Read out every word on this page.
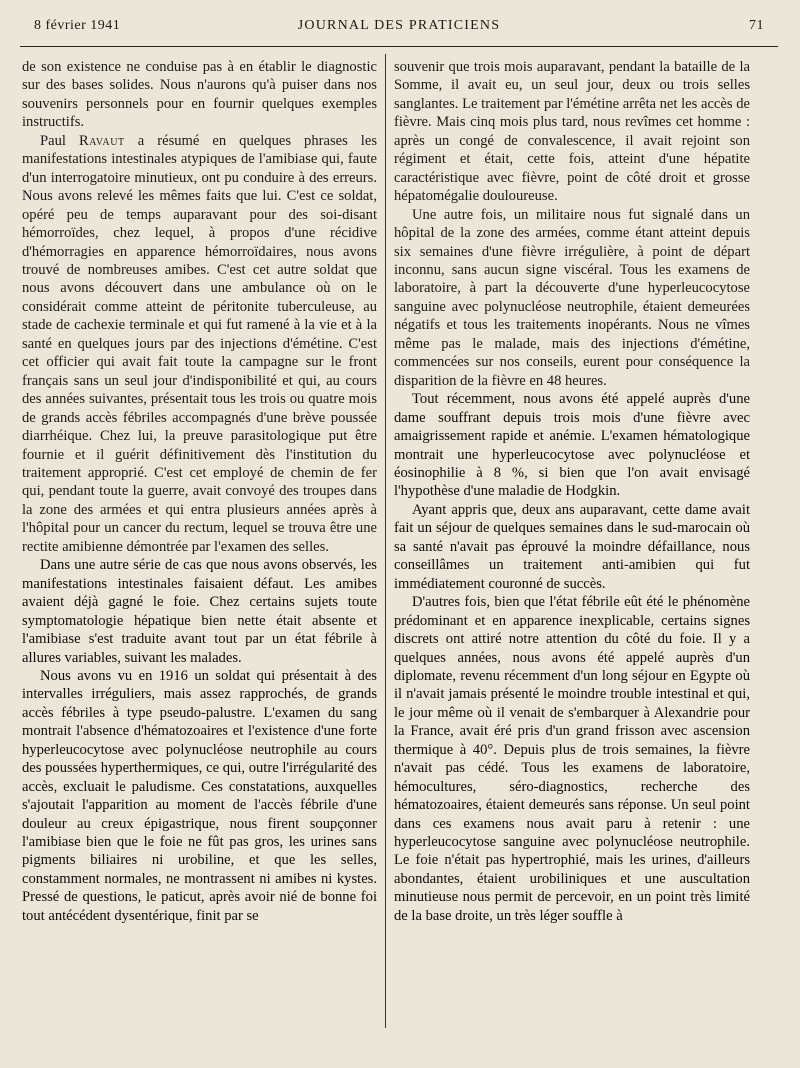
8 février 1941	JOURNAL DES PRATICIENS	71

de son existence ne conduise pas à en établir le diagnostic sur des bases solides. Nous n'aurons qu'à puiser dans nos souvenirs personnels pour en fournir quelques exemples instructifs.

Paul Ravaut a résumé en quelques phrases les manifestations intestinales atypiques de l'amibiase qui, faute d'un interrogatoire minutieux, ont pu conduire à des erreurs. Nous avons relevé les mêmes faits que lui. C'est ce soldat, opéré peu de temps auparavant pour des soi-disant hémorroïdes, chez lequel, à propos d'une récidive d'hémorragies en apparence hémorroïdaires, nous avons trouvé de nombreuses amibes. C'est cet autre soldat que nous avons découvert dans une ambulance où on le considérait comme atteint de péritonite tuberculeuse, au stade de cachexie terminale et qui fut ramené à la vie et à la santé en quelques jours par des injections d'émétine. C'est cet officier qui avait fait toute la campagne sur le front français sans un seul jour d'indisponibilité et qui, au cours des années suivantes, présentait tous les trois ou quatre mois de grands accès fébriles accompagnés d'une brève poussée diarrhéique. Chez lui, la preuve parasitologique put être fournie et il guérit définitivement dès l'institution du traitement approprié. C'est cet employé de chemin de fer qui, pendant toute la guerre, avait convoyé des troupes dans la zone des armées et qui entra plusieurs années après à l'hôpital pour un cancer du rectum, lequel se trouva être une rectite amibienne démontrée par l'examen des selles.

Dans une autre série de cas que nous avons observés, les manifestations intestinales faisaient défaut. Les amibes avaient déjà gagné le foie. Chez certains sujets toute symptomatologie hépatique bien nette était absente et l'amibiase s'est traduite avant tout par un état fébrile à allures variables, suivant les malades.

Nous avons vu en 1916 un soldat qui présentait à des intervalles irréguliers, mais assez rapprochés, de grands accès fébriles à type pseudo-palustre. L'examen du sang montrait l'absence d'hématozoaires et l'existence d'une forte hyperleucocytose avec polynucléose neutrophile au cours des poussées hyperthermiques, ce qui, outre l'irrégularité des accès, excluait le paludisme. Ces constatations, auxquelles s'ajoutait l'apparition au moment de l'accès fébrile d'une douleur au creux épigastrique, nous firent soupçonner l'amibiase bien que le foie ne fût pas gros, les urines sans pigments biliaires ni urobiline, et que les selles, constamment normales, ne montrassent ni amibes ni kystes. Pressé de questions, le paticut, après avoir nié de bonne foi tout antécédent dysentérique, finit par se

souvenir que trois mois auparavant, pendant la bataille de la Somme, il avait eu, un seul jour, deux ou trois selles sanglantes. Le traitement par l'émétine arrêta net les accès de fièvre. Mais cinq mois plus tard, nous revîmes cet homme : après un congé de convalescence, il avait rejoint son régiment et était, cette fois, atteint d'une hépatite caractéristique avec fièvre, point de côté droit et grosse hépatomégalie douloureuse.

Une autre fois, un militaire nous fut signalé dans un hôpital de la zone des armées, comme étant atteint depuis six semaines d'une fièvre irrégulière, à point de départ inconnu, sans aucun signe viscéral. Tous les examens de laboratoire, à part la découverte d'une hyperleucocytose sanguine avec polynucléose neutrophile, étaient demeurées négatifs et tous les traitements inopérants. Nous ne vîmes même pas le malade, mais des injections d'émétine, commencées sur nos conseils, eurent pour conséquence la disparition de la fièvre en 48 heures.

Tout récemment, nous avons été appelé auprès d'une dame souffrant depuis trois mois d'une fièvre avec amaigrissement rapide et anémie. L'examen hématologique montrait une hyperleucocytose avec polynucléose et éosinophilie à 8 %, si bien que l'on avait envisagé l'hypothèse d'une maladie de Hodgkin.

Ayant appris que, deux ans auparavant, cette dame avait fait un séjour de quelques semaines dans le sud-marocain où sa santé n'avait pas éprouvé la moindre défaillance, nous conseillâmes un traitement anti-amibien qui fut immédiatement couronné de succès.

D'autres fois, bien que l'état fébrile eût été le phénomène prédominant et en apparence inexplicable, certains signes discrets ont attiré notre attention du côté du foie. Il y a quelques années, nous avons été appelé auprès d'un diplomate, revenu récemment d'un long séjour en Egypte où il n'avait jamais présenté le moindre trouble intestinal et qui, le jour même où il venait de s'embarquer à Alexandrie pour la France, avait éré pris d'un grand frisson avec ascension thermique à 40°. Depuis plus de trois semaines, la fièvre n'avait pas cédé. Tous les examens de laboratoire, hémocultures, séro-diagnostics, recherche des hématozoaires, étaient demeurés sans réponse. Un seul point dans ces examens nous avait paru à retenir : une hyperleucocytose sanguine avec polynucléose neutrophile. Le foie n'était pas hypertrophié, mais les urines, d'ailleurs abondantes, étaient urobiliniques et une auscultation minutieuse nous permit de percevoir, en un point très limité de la base droite, un très léger souffle à
